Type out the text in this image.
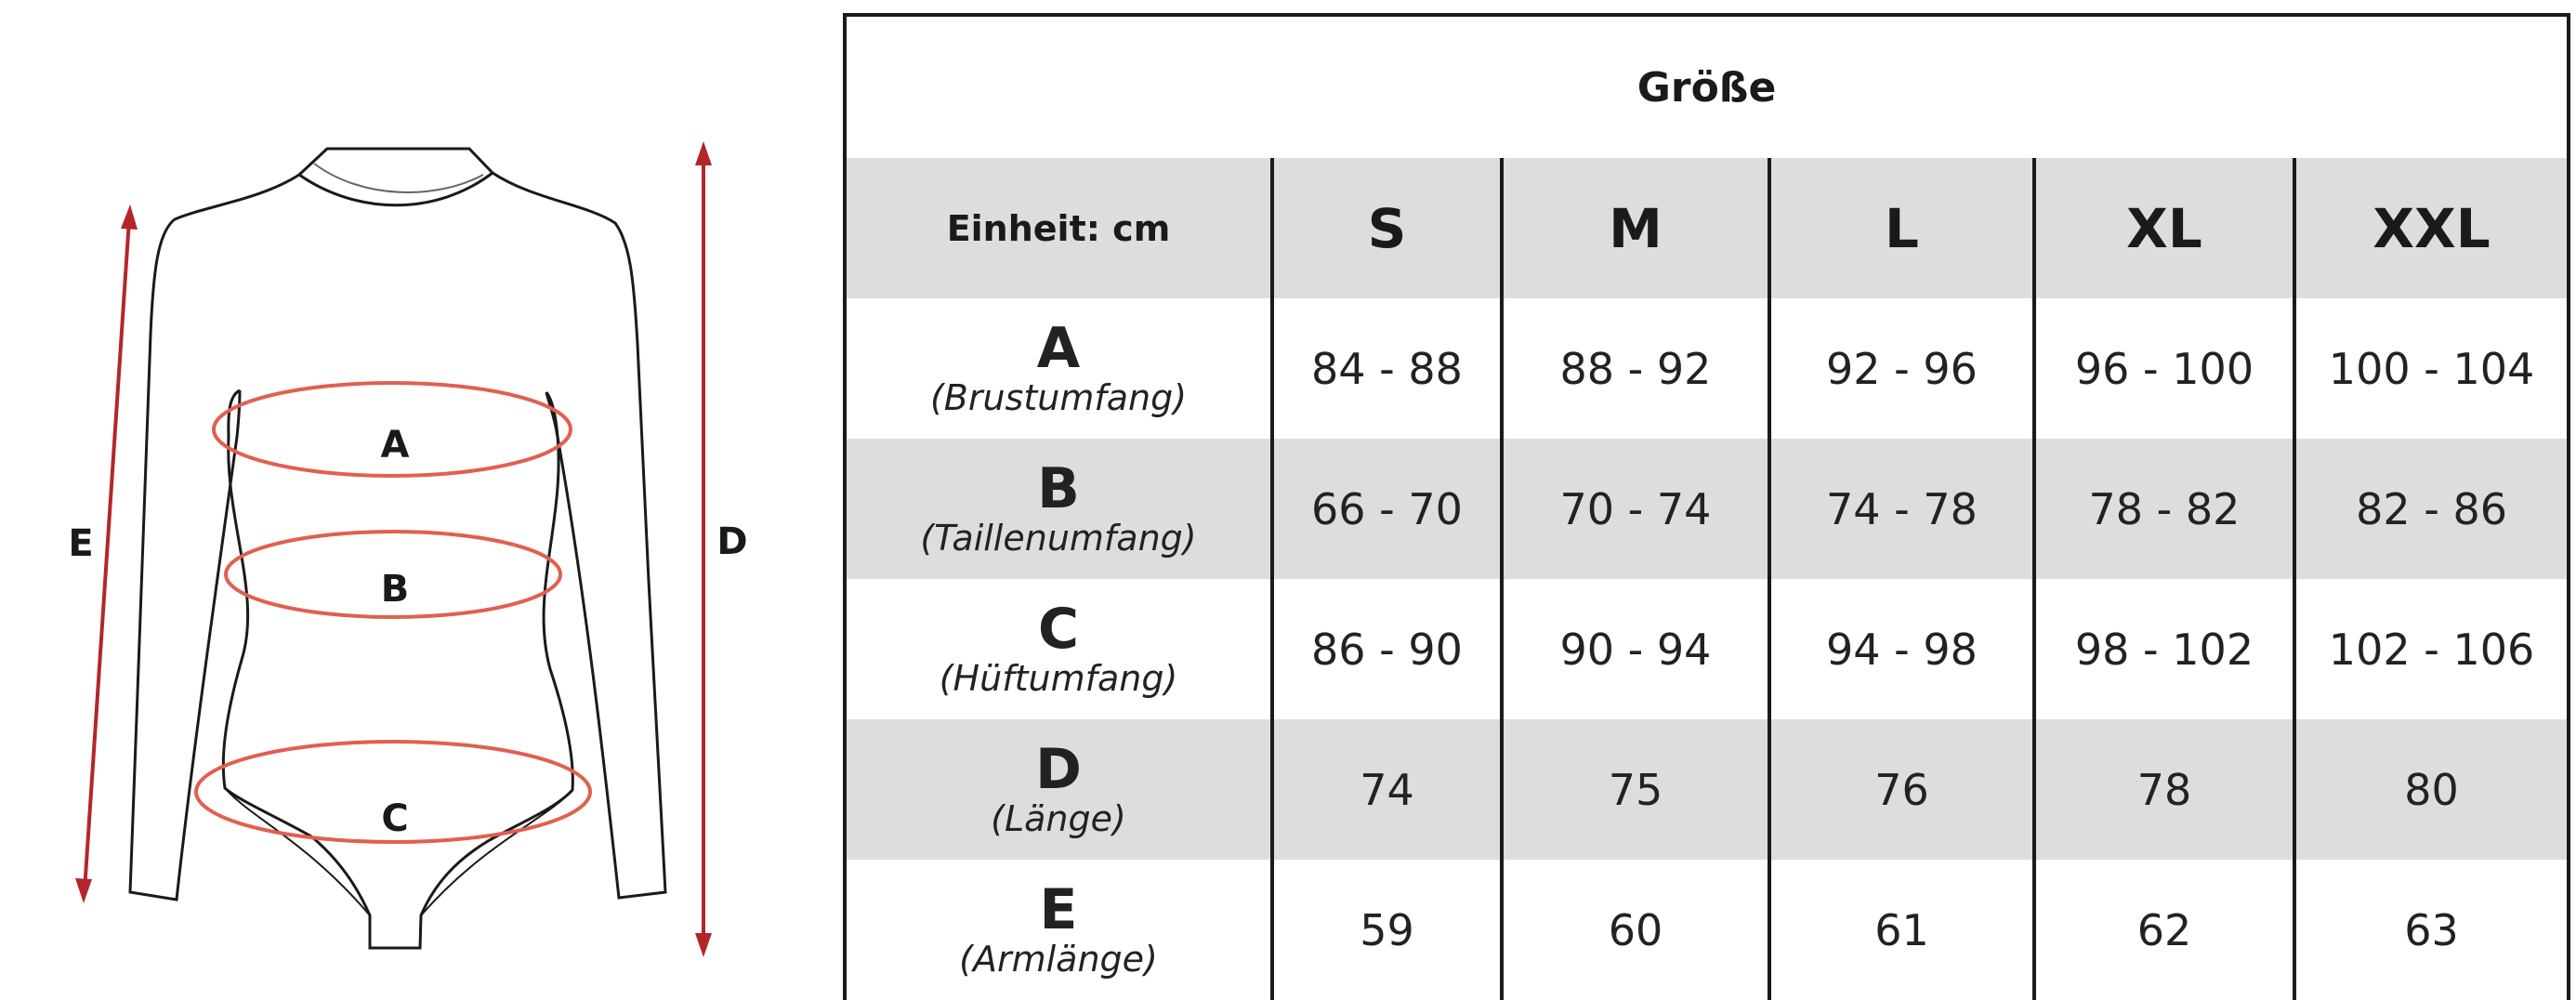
A
B
C
D
E
Größe					
Einheit: cm	S	M	L	XL	XXL

A
(Brustumfang)	84 - 88	88 - 92	92 - 96	96 - 100	100 - 104

B
(Taillenumfang)	66 - 70	70 - 74	74 - 78	78 - 82	82 - 86

C
(Hüftumfang)	86 - 90	90 - 94	94 - 98	98 - 102	102 - 106

D
(Länge)	74	75	76	78	80

E
(Armlänge)	59	60	61	62	63
